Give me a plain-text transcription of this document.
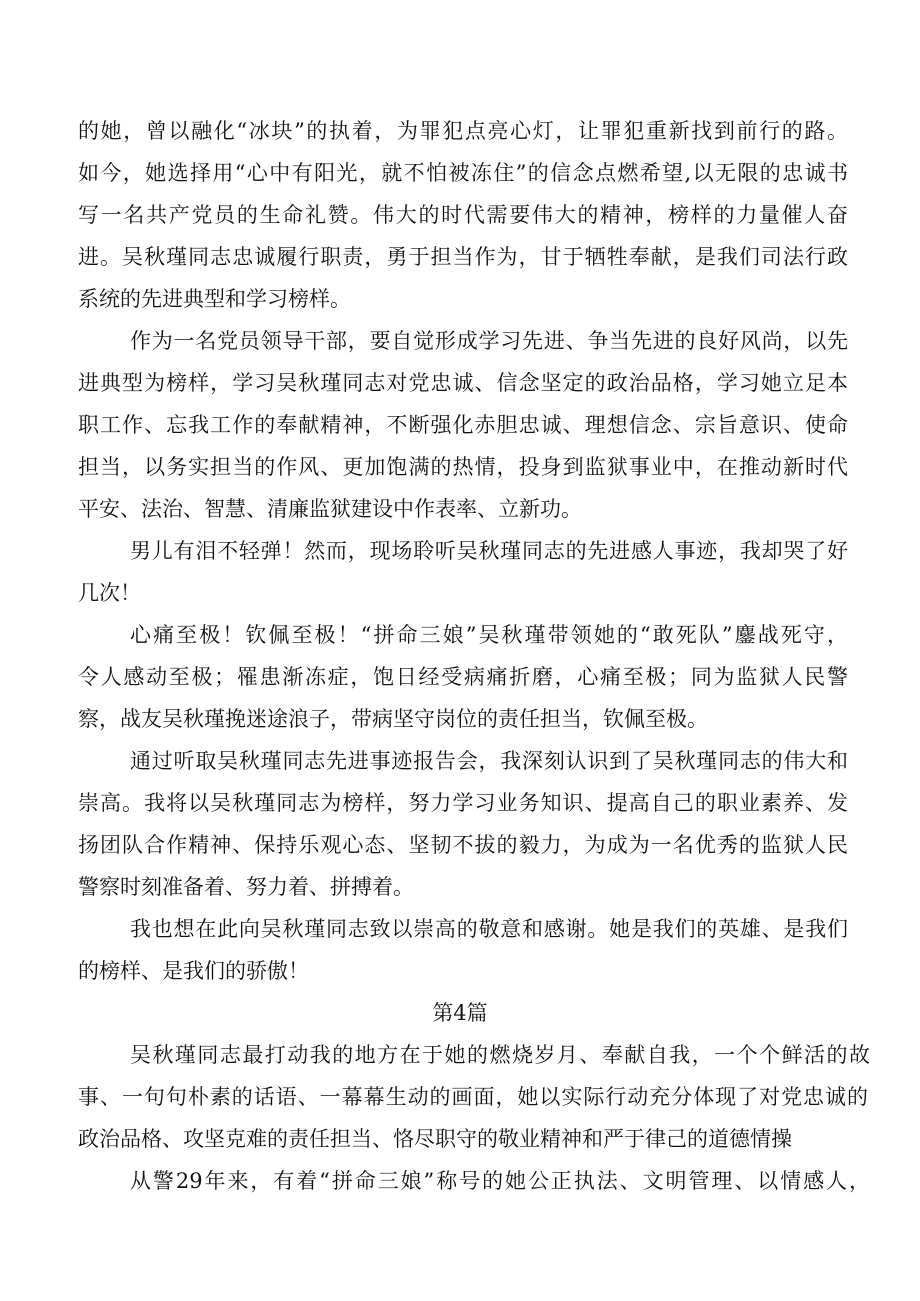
的她，曾以融化“冰块”的执着，为罪犯点亮心灯，让罪犯重新找到前行的路。

如今，她选择用“心中有阳光，就不怕被冻住”的信念点燃希望,以无限的忠诚书

写一名共产党员的生命礼赞。伟大的时代需要伟大的精神，榜样的力量催人奋

进。吴秋瑾同志忠诚履行职责，勇于担当作为，甘于牺牲奉献，是我们司法行政

系统的先进典型和学习榜样。

作为一名党员领导干部，要自觉形成学习先进、争当先进的良好风尚，以先

进典型为榜样，学习吴秋瑾同志对党忠诚、信念坚定的政治品格，学习她立足本

职工作、忘我工作的奉献精神，不断强化赤胆忠诚、理想信念、宗旨意识、使命

担当，以务实担当的作风、更加饱满的热情，投身到监狱事业中，在推动新时代

平安、法治、智慧、清廉监狱建设中作表率、立新功。

男儿有泪不轻弹！然而，现场聆听吴秋瑾同志的先进感人事迹，我却哭了好

几次！

心痛至极！钦佩至极！“拼命三娘”吴秋瑾带领她的“敢死队”鏖战死守，

令人感动至极；罹患渐冻症，饱日经受病痛折磨，心痛至极；同为监狱人民警

察，战友吴秋瑾挽迷途浪子，带病坚守岗位的责任担当，钦佩至极。

通过听取吴秋瑾同志先进事迹报告会，我深刻认识到了吴秋瑾同志的伟大和

崇高。我将以吴秋瑾同志为榜样，努力学习业务知识、提高自己的职业素养、发

扬团队合作精神、保持乐观心态、坚韧不拔的毅力，为成为一名优秀的监狱人民

警察时刻准备着、努力着、拼搏着。

我也想在此向吴秋瑾同志致以崇高的敬意和感谢。她是我们的英雄、是我们

的榜样、是我们的骄傲！

第4篇

吴秋瑾同志最打动我的地方在于她的燃烧岁月、奉献自我，一个个鲜活的故

事、一句句朴素的话语、一幕幕生动的画面，她以实际行动充分体现了对党忠诚的

政治品格、攻坚克难的责任担当、恪尽职守的敬业精神和严于律己的道德情操

从警29年来，有着“拼命三娘”称号的她公正执法、文明管理、以情感人，
